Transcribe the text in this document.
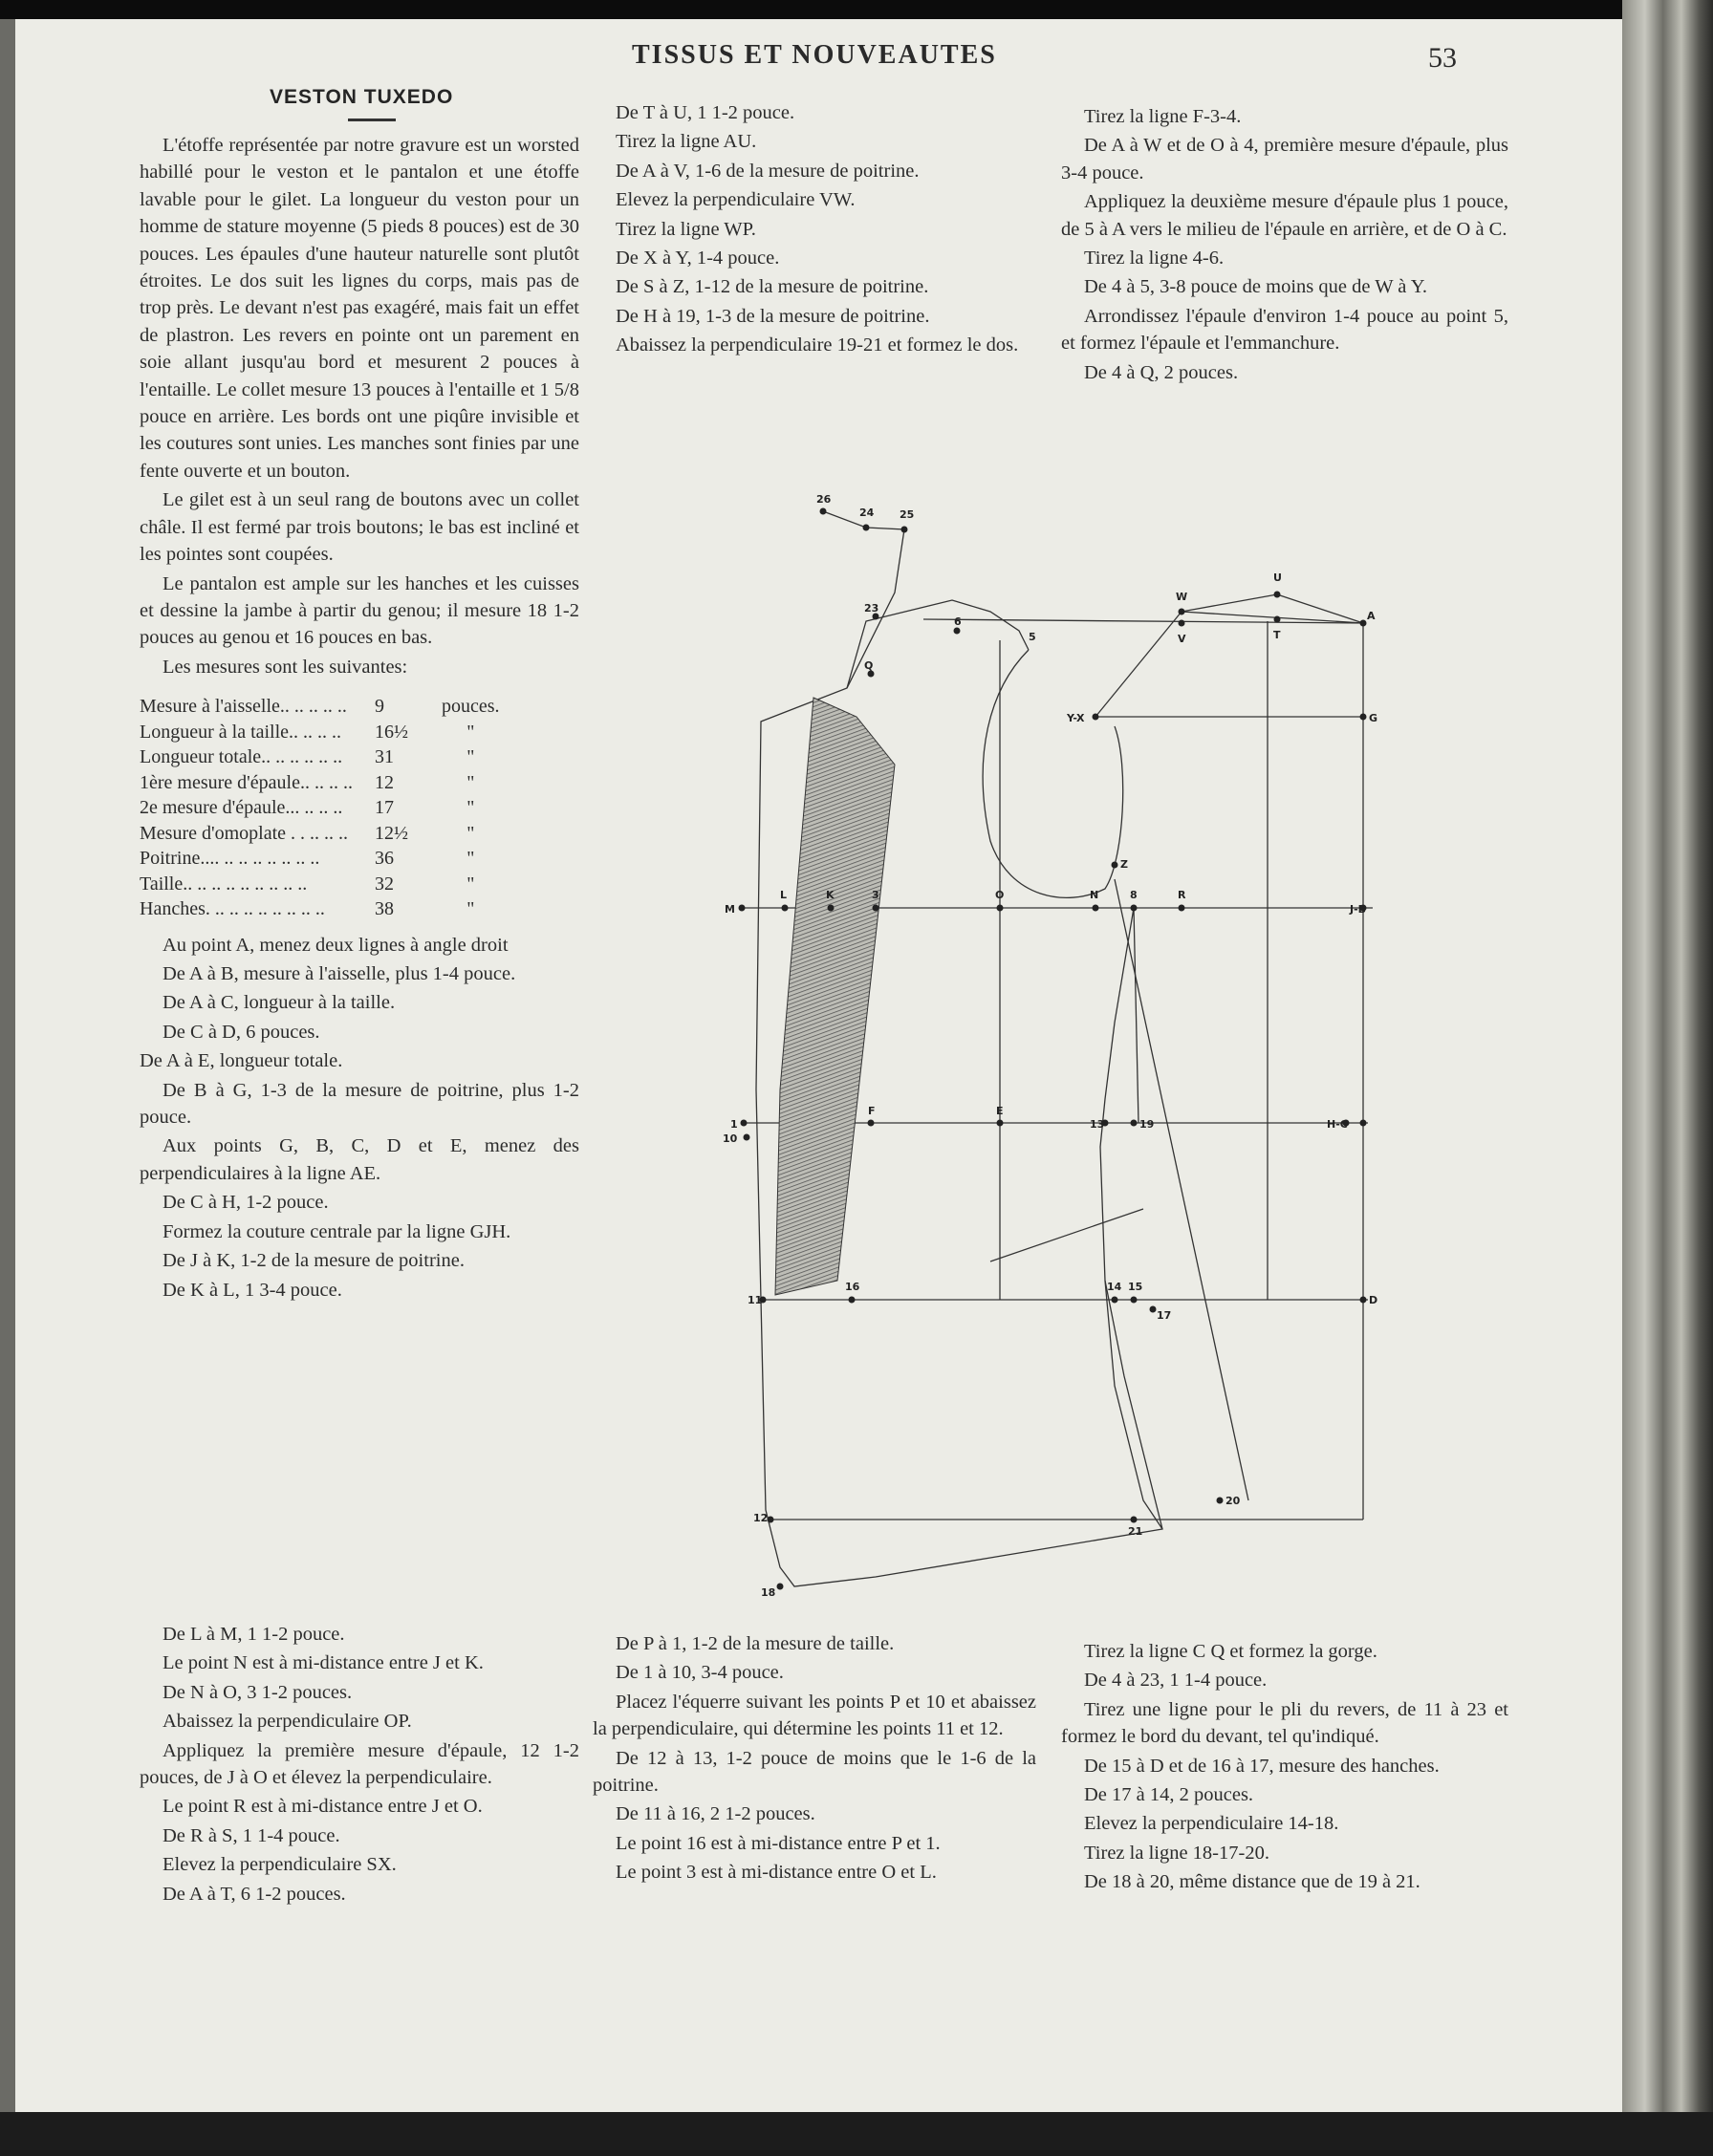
TISSUS ET NOUVEAUTES	53
VESTON TUXEDO

L'étoffe représentée par notre gravure est un worsted habillé pour le veston et le pantalon et une étoffe lavable pour le gilet. La longueur du veston pour un homme de stature moyenne (5 pieds 8 pouces) est de 30 pouces. Les épaules d'une hauteur naturelle sont plutôt étroites. Le dos suit les lignes du corps, mais pas de trop près. Le devant n'est pas exagéré, mais fait un effet de plastron. Les revers en pointe ont un parement en soie allant jusqu'au bord et mesurent 2 pouces à l'entaille. Le collet mesure 13 pouces à l'entaille et 1 5/8 pouce en arrière. Les bords ont une piqûre invisible et les coutures sont unies. Les manches sont finies par une fente ouverte et un bouton.

Le gilet est à un seul rang de boutons avec un collet châle. Il est fermé par trois boutons; le bas est incliné et les pointes sont coupées.

Le pantalon est ample sur les hanches et les cuisses et dessine la jambe à partir du genou; il mesure 18 1-2 pouces au genou et 16 pouces en bas.

Les mesures sont les suivantes:

Mesure à l'aisselle.. .. .. .. ..	9	pouces.
Longueur à la taille.. .. .. ..	16½	"
Longueur totale.. .. .. .. .. ..	31	"
1ère mesure d'épaule.. .. .. ..	12	"
2e mesure d'épaule... .. .. ..	17	"
Mesure d'omoplate . . .. .. ..	12½	"
Poitrine.... .. .. .. .. .. .. ..	36	"
Taille.. .. .. .. .. .. .. .. ..	32	"
Hanches. .. .. .. .. .. .. .. ..	38	"

Au point A, menez deux lignes à angle droit

De A à B, mesure à l'aisselle, plus 1-4 pouce.

De A à C, longueur à la taille.

De C à D, 6 pouces.

De A à E, longueur totale.

De B à G, 1-3 de la mesure de poitrine, plus 1-2 pouce.

Aux points G, B, C, D et E, menez des perpendiculaires à la ligne AE.

De C à H, 1-2 pouce.

Formez la couture centrale par la ligne GJH.

De J à K, 1-2 de la mesure de poitrine.

De K à L, 1 3-4 pouce.

De L à M, 1 1-2 pouce.

Le point N est à mi-distance entre J et K.

De N à O, 3 1-2 pouces.

Abaissez la perpendiculaire OP.

Appliquez la première mesure d'épaule, 12 1-2 pouces, de J à O et élevez la perpendiculaire.

Le point R est à mi-distance entre J et O.

De R à S, 1 1-4 pouce.

Elevez la perpendiculaire SX.

De A à T, 6 1-2 pouces.

De T à U, 1 1-2 pouce.

Tirez la ligne AU.

De A à V, 1-6 de la mesure de poitrine.

Elevez la perpendiculaire VW.

Tirez la ligne WP.

De X à Y, 1-4 pouce.

De S à Z, 1-12 de la mesure de poitrine.

De H à 19, 1-3 de la mesure de poitrine.

Abaissez la perpendiculaire 19-21 et formez le dos.

Tirez la ligne F-3-4.

De A à W et de O à 4, première mesure d'épaule, plus 3-4 pouce.

Appliquez la deuxième mesure d'épaule plus 1 pouce, de 5 à A vers le milieu de l'épaule en arrière, et de O à C.

Tirez la ligne 4-6.

De 4 à 5, 3-8 pouce de moins que de W à Y.

Arrondissez l'épaule d'environ 1-4 pouce au point 5, et formez l'épaule et l'emmanchure.

De 4 à Q, 2 pouces.

26
24 25
U
W
A
T
V
23
6
5
Q
Y-X	G
Z
M
L	K	3	O	N	8	R
J-B
1
10
F	E
13	19	H-C
11
16	14 15
17
D
12
21
20
18

De P à 1, 1-2 de la mesure de taille.

De 1 à 10, 3-4 pouce.

Placez l'équerre suivant les points P et 10 et abaissez la perpendiculaire, qui détermine les points 11 et 12.

De 12 à 13, 1-2 pouce de moins que le 1-6 de la poitrine.

De 11 à 16, 2 1-2 pouces.

Le point 16 est à mi-distance entre P et 1.

Le point 3 est à mi-distance entre O et L.

Tirez la ligne C Q et formez la gorge.

De 4 à 23, 1 1-4 pouce.

Tirez une ligne pour le pli du revers, de 11 à 23 et formez le bord du devant, tel qu'indiqué.

De 15 à D et de 16 à 17, mesure des hanches.

De 17 à 14, 2 pouces.

Elevez la perpendiculaire 14-18.

Tirez la ligne 18-17-20.

De 18 à 20, même distance que de 19 à 21.
